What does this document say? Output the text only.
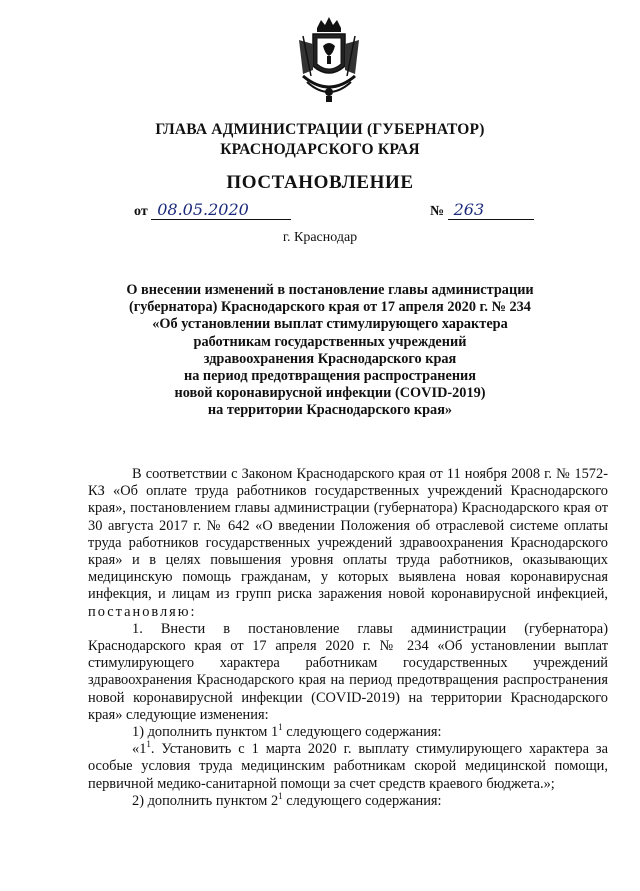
ГЛАВА АДМИНИСТРАЦИИ (ГУБЕРНАТОР)
КРАСНОДАРСКОГО КРАЯ
ПОСТАНОВЛЕНИЕ
от 08.05.2020	№ 263
г. Краснодар
О внесении изменений в постановление главы администрации
(губернатора) Краснодарского края от 17 апреля 2020 г. № 234
«Об установлении выплат стимулирующего характера
работникам государственных учреждений
здравоохранения Краснодарского края
на период предотвращения распространения
новой коронавирусной инфекции (COVID-2019)
на территории Краснодарского края»

В соответствии с Законом Краснодарского края от 11 ноября 2008 г. № 1572-КЗ «Об оплате труда работников государственных учреждений Краснодарского края», постановлением главы администрации (губернатора) Краснодарского края от 30 августа 2017 г. № 642 «О введении Положения об отраслевой системе оплаты труда работников государственных учреждений здравоохранения Краснодарского края» и в целях повышения уровня оплаты труда работников, оказывающих медицинскую помощь гражданам, у которых выявлена новая коронавирусная инфекция, и лицам из групп риска заражения новой коронавирусной инфекцией, постановляю:

1. Внести в постановление главы администрации (губернатора) Краснодарского края от 17 апреля 2020 г. № 234 «Об установлении выплат стимулирующего характера работникам государственных учреждений здравоохранения Краснодарского края на период предотвращения распространения новой коронавирусной инфекции (COVID-2019) на территории Краснодарского края» следующие изменения:

1) дополнить пунктом $1^1$ следующего содержания:

«$1^1$. Установить с 1 марта 2020 г. выплату стимулирующего характера за особые условия труда медицинским работникам скорой медицинской помощи, первичной медико-санитарной помощи за счет средств краевого бюджета.»;

2) дополнить пунктом $2^1$ следующего содержания:
